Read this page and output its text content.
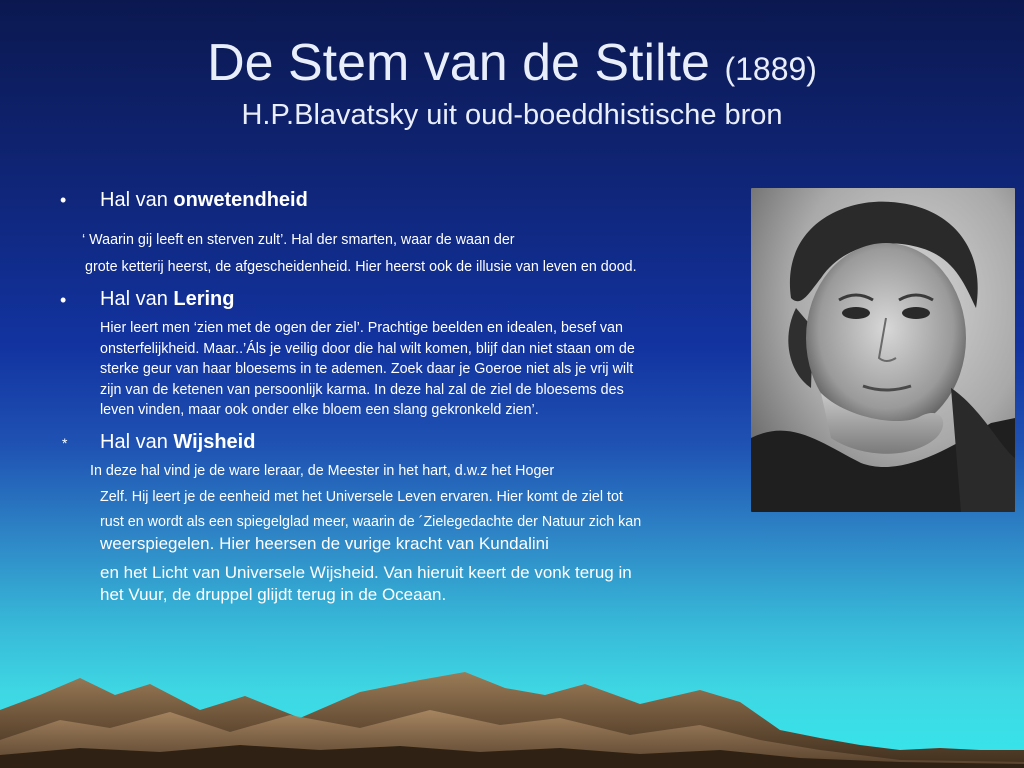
De Stem van de Stilte (1889)
H.P.Blavatsky uit oud-boeddhistische bron
• Hal van onwetendheid
‘ Waarin gij leeft en sterven zult’. Hal der smarten, waar de waan der
grote ketterij heerst, de afgescheidenheid. Hier heerst ook de illusie van leven en dood.
• Hal van Lering
Hier leert men ‘zien met de ogen der ziel’. Prachtige beelden en idealen, besef van
onsterfelijkheid. Maar..’Áls je veilig door die hal wilt komen, blijf dan niet staan om de
sterke geur van haar bloesems in te ademen. Zoek daar je Goeroe niet als je vrij wilt
zijn van de ketenen van persoonlijk karma. In deze hal zal de ziel de bloesems des
leven vinden, maar ook onder elke bloem een slang gekronkeld zien’.
* Hal van Wijsheid
In deze hal vind je de ware leraar, de Meester in het hart, d.w.z het Hoger
Zelf. Hij leert je de eenheid met het Universele Leven ervaren. Hier komt de ziel tot
rust en wordt als een spiegelglad meer, waarin de ´Zielegedachte der Natuur zich kan
weerspiegelen. Hier heersen de vurige kracht van Kundalini
en het Licht van Universele Wijsheid. Van hieruit keert de vonk terug in
het Vuur, de druppel glijdt terug in de Oceaan.
